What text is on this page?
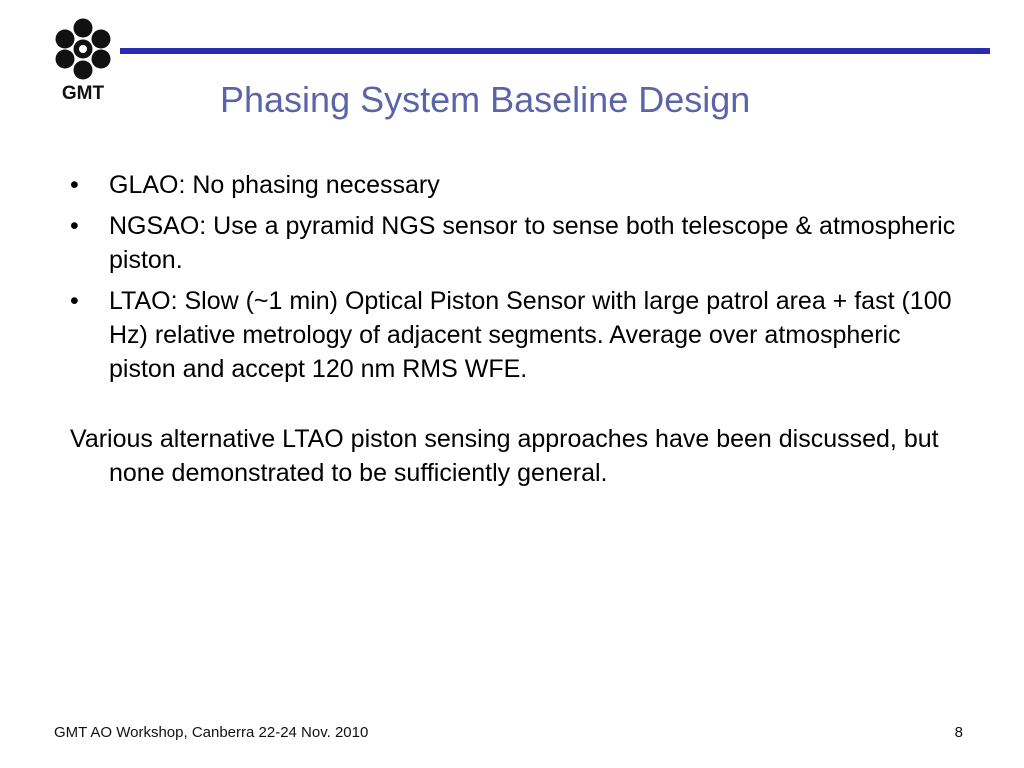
GMT	Phasing System Baseline Design
• GLAO: No phasing necessary
• NGSAO: Use a pyramid NGS sensor to sense both telescope & atmospheric piston.
• LTAO: Slow (~1 min) Optical Piston Sensor with large patrol area + fast (100 Hz) relative metrology of adjacent segments. Average over atmospheric piston and accept 120 nm RMS WFE.
Various alternative LTAO piston sensing approaches have been discussed, but none demonstrated to be sufficiently general.
GMT AO Workshop, Canberra 22-24 Nov. 2010	8
